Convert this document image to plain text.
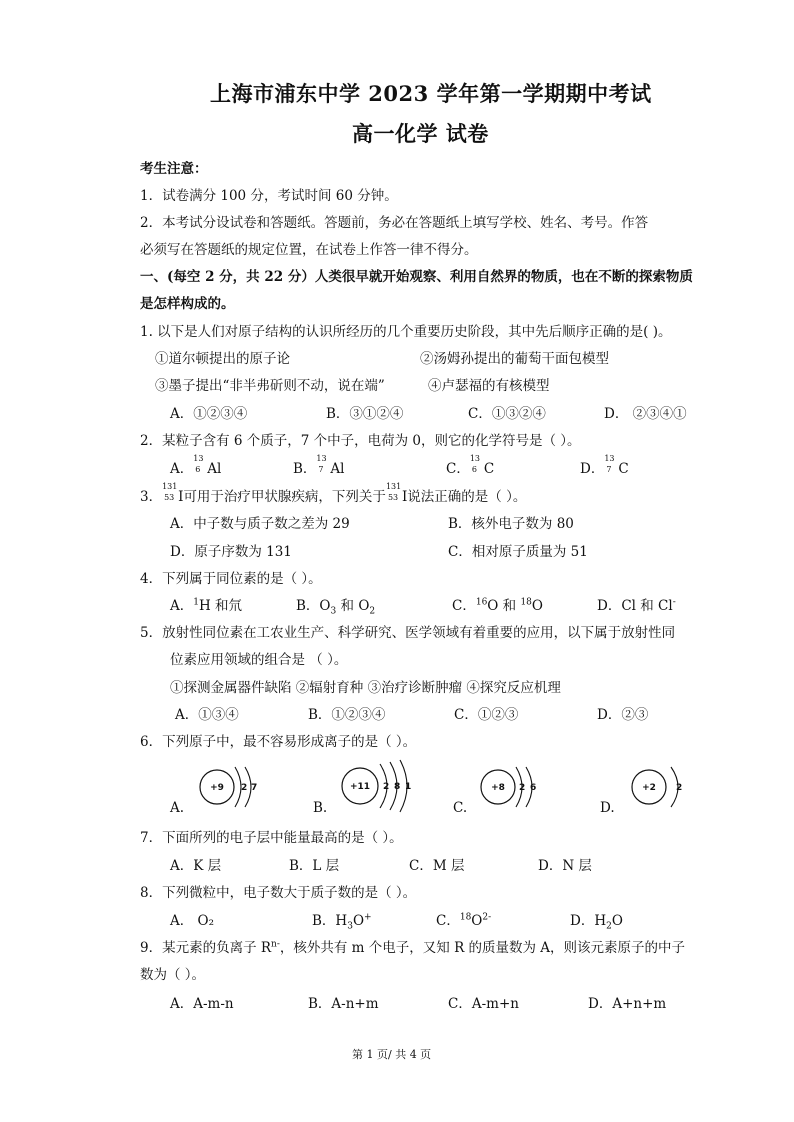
上海市浦东中学 2023 学年第一学期期中考试
高一化学 试卷
考生注意：
1．试卷满分 100 分，考试时间 60 分钟。
2．本考试分设试卷和答题纸。答题前，务必在答题纸上填写学校、姓名、考号。作答
必须写在答题纸的规定位置，在试卷上作答一律不得分。
一、(每空 2 分，共 22 分）人类很早就开始观察、利用自然界的物质，也在不断的探索物质
是怎样构成的。
1. 以下是人们对原子结构的认识所经历的几个重要历史阶段，其中先后顺序正确的是( )。
①道尔顿提出的原子论	②汤姆孙提出的葡萄干面包模型
③墨子提出“非半弗斫则不动，说在端”	④卢瑟福的有核模型
A．①②③④	B．③①②④	C．①③②④	D． ②③④①
2．某粒子含有 6 个质子，7 个中子，电荷为 0，则它的化学符号是（ ）。
A．
13
6 Al	B．
13
7 Al	C．
13
6 C	D．
13
7 C
3．
131
53 I可用于治疗甲状腺疾病，下列关于
131
53 I说法正确的是（ ）。
A．中子数与质子数之差为 29	B．核外电子数为 80
D．原子序数为 131	C．相对原子质量为 51
4．下列属于同位素的是（ ）。
A．$^1$H 和氘	B．$O_3$ 和 $O_2$	C．$^{16}$O 和 $^{18}$O	D．Cl 和 Cl-
5．放射性同位素在工农业生产、科学研究、医学领域有着重要的应用，以下属于放射性同
位素应用领域的组合是 （ ）。
①探测金属器件缺陷 ②辐射育种 ③治疗诊断肿瘤 ④探究反应机理
A．①③④	B．①②③④	C．①②③	D．②③
6．下列原子中，最不容易形成离子的是（ ）。
A.
+9 2 7
B.
+11 2 8 1
C.
+8 2 6
D.
+2 2
7．下面所列的电子层中能量最高的是（ ）。
A．K 层	B．L 层	C．M 层	D．N 层
8．下列微粒中，电子数大于质子数的是（ ）。
A． O₂	B．$H_3O^+$	C．$^{18}O^{2-}$	D．$H_2O$
9．某元素的负离子 $R^{n-}$，核外共有 m 个电子，又知 R 的质量数为 A，则该元素原子的中子
数为（ ）。
A．A-m-n	B．A-n+m	C．A-m+n	D．A+n+m
第 1 页/ 共 4 页
